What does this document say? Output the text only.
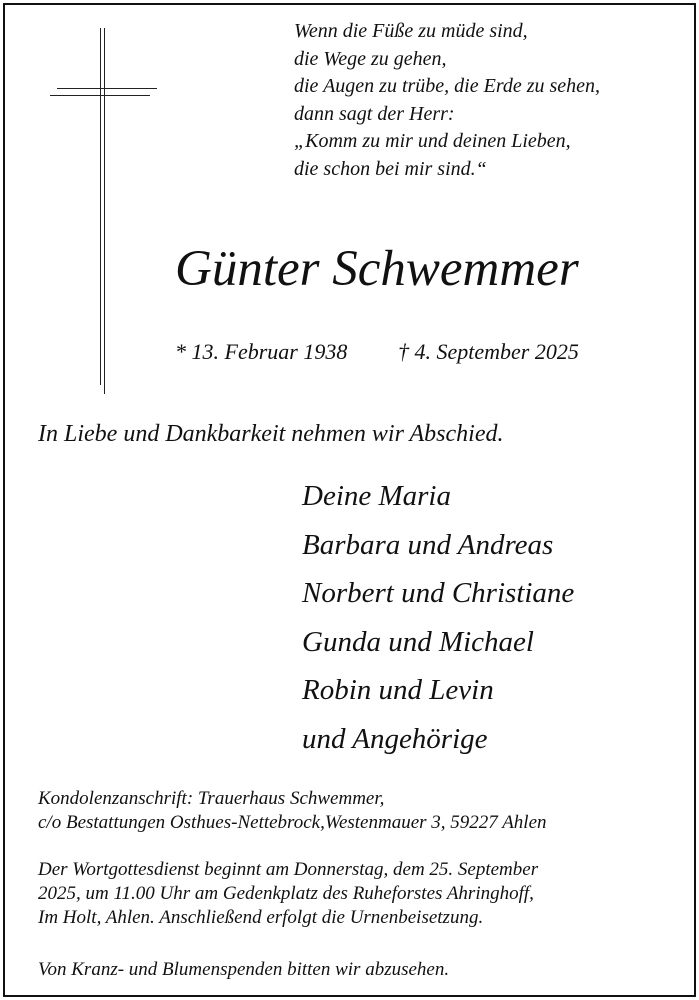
Wenn die Füße zu müde sind,
die Wege zu gehen,
die Augen zu trübe, die Erde zu sehen,
dann sagt der Herr:
„Komm zu mir und deinen Lieben,
die schon bei mir sind.“
Günter Schwemmer
* 13. Februar 1938 † 4. September 2025
In Liebe und Dankbarkeit nehmen wir Abschied.
Deine Maria
Barbara und Andreas
Norbert und Christiane
Gunda und Michael
Robin und Levin
und Angehörige
Kondolenzanschrift: Trauerhaus Schwemmer,
c/o Bestattungen Osthues-Nettebrock,Westenmauer 3, 59227 Ahlen
Der Wortgottesdienst beginnt am Donnerstag, dem 25. September
2025, um 11.00 Uhr am Gedenkplatz des Ruheforstes Ahringhoff,
Im Holt, Ahlen. Anschließend erfolgt die Urnenbeisetzung.
Von Kranz- und Blumenspenden bitten wir abzusehen.
